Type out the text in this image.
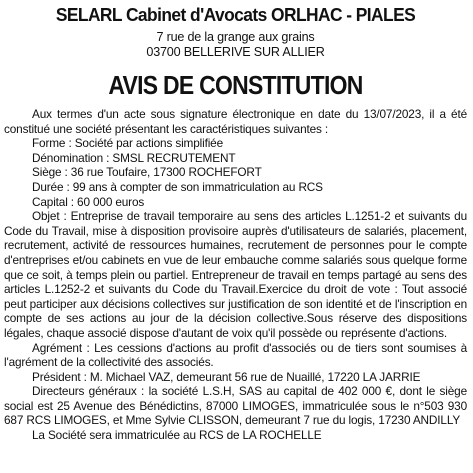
SELARL Cabinet d'Avocats ORLHAC - PIALES
7 rue de la grange aux grains
03700 BELLERIVE SUR ALLIER
AVIS DE CONSTITUTION

Aux termes d'un acte sous signature électronique en date du 13/07/2023, il a été constitué une société présentant les caractéristiques suivantes :

Forme : Société par actions simplifiée

Dénomination : SMSL RECRUTEMENT

Siège : 36 rue Toufaire, 17300 ROCHEFORT

Durée : 99 ans à compter de son immatriculation au RCS

Capital : 60 000 euros

Objet : Entreprise de travail temporaire au sens des articles L.1251-2 et suivants du Code du Travail, mise à disposition provisoire auprès d'utilisateurs de salariés, placement, recrutement, activité de ressources humaines, recrutement de personnes pour le compte d'entreprises et/ou cabinets en vue de leur embauche comme salariés sous quelque forme que ce soit, à temps plein ou partiel. Entrepreneur de travail en temps partagé au sens des articles L.1252-2 et suivants du Code du Travail.Exercice du droit de vote : Tout associé peut participer aux décisions collectives sur justification de son identité et de l'inscription en compte de ses actions au jour de la décision collective.Sous réserve des dispositions légales, chaque associé dispose d'autant de voix qu'il possède ou représente d'actions.

Agrément : Les cessions d'actions au profit d'associés ou de tiers sont soumises à l'agrément de la collectivité des associés.

Président : M. Michael VAZ, demeurant 56 rue de Nuaillé, 17220 LA JARRIE

Directeurs généraux : la société L.S.H, SAS au capital de 402 000 €, dont le siège social est 25 Avenue des Bénédictins, 87000 LIMOGES, immatriculée sous le n°503 930 687 RCS LIMOGES, et Mme Sylvie CLISSON, demeurant 7 rue du logis, 17230 ANDILLY

La Société sera immatriculée au RCS de LA ROCHELLE
